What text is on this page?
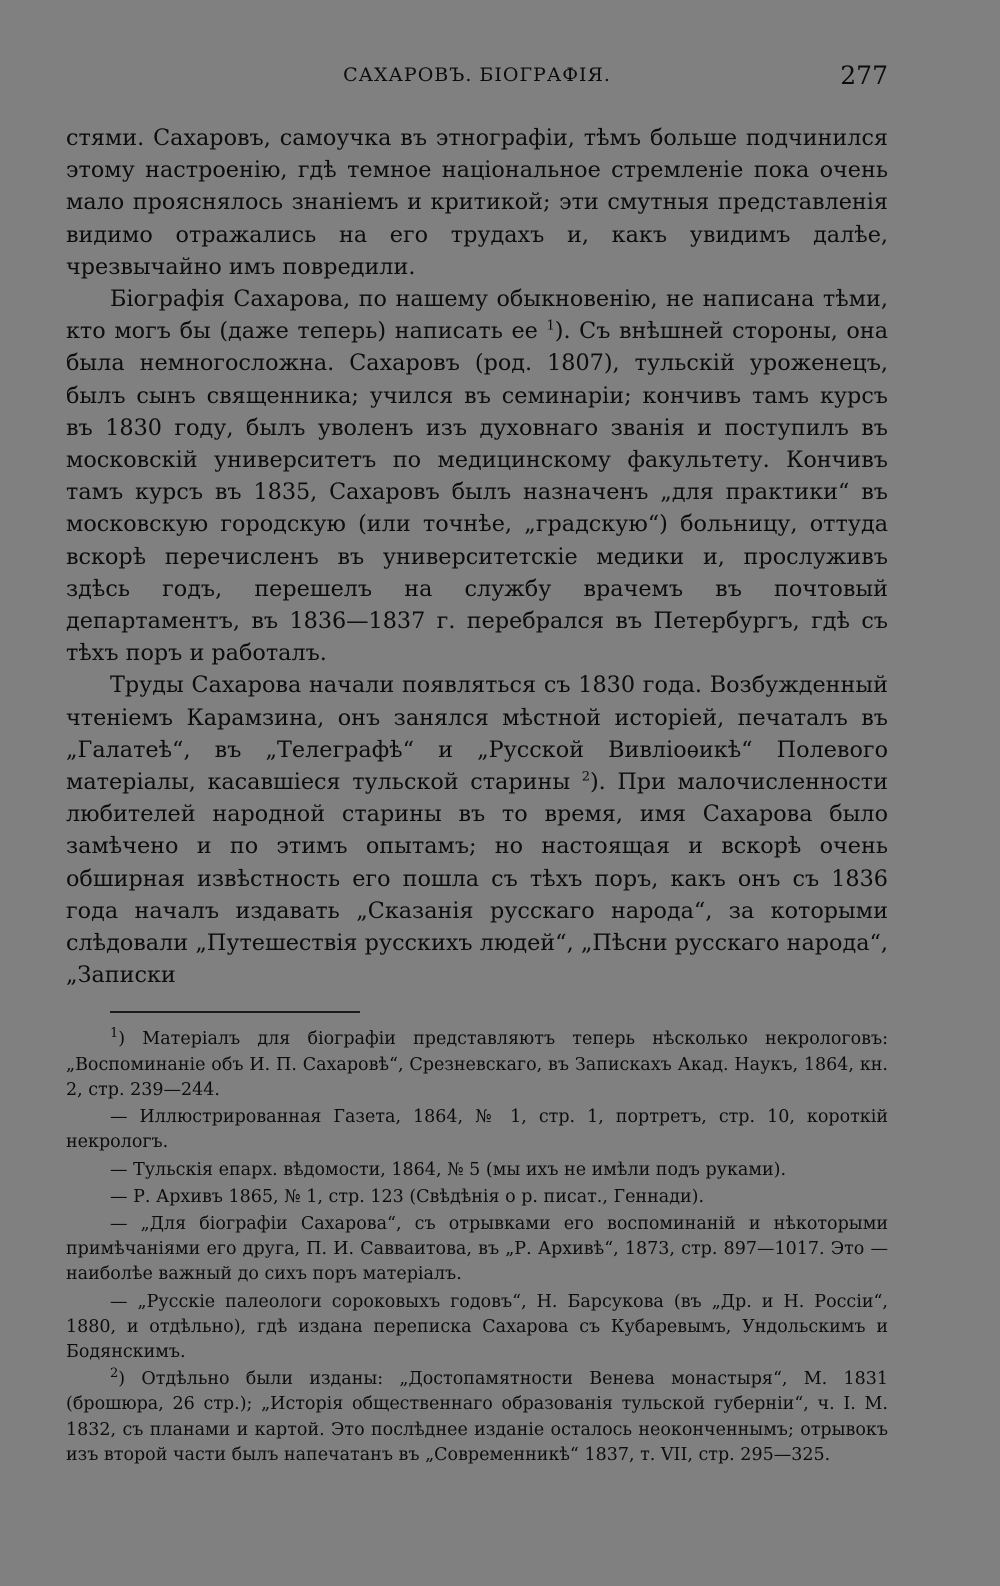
САХАРОВЪ. БІОГРАФІЯ.	277

стями. Сахаровъ, самоучка въ этнографіи, тѣмъ больше подчинился этому настроенію, гдѣ темное національное стремленіе пока очень мало прояснялось знаніемъ и критикой; эти смутныя представленія видимо отражались на его трудахъ и, какъ увидимъ далѣе, чрезвычайно имъ повредили.

Біографія Сахарова, по нашему обыкновенію, не написана тѣми, кто могъ бы (даже теперь) написать ее $^1$). Съ внѣшней стороны, она была немногосложна. Сахаровъ (род. 1807), тульскій уроженецъ, былъ сынъ священника; учился въ семинаріи; кончивъ тамъ курсъ въ 1830 году, былъ уволенъ изъ духовнаго званія и поступилъ въ московскій университетъ по медицинскому факультету. Кончивъ тамъ курсъ въ 1835, Сахаровъ былъ назначенъ „для практики“ въ московскую городскую (или точнѣе, „градскую“) больницу, оттуда вскорѣ перечисленъ въ университетскіе медики и, прослуживъ здѣсь годъ, перешелъ на службу врачемъ въ почтовый департаментъ, въ 1836—1837 г. перебрался въ Петербургъ, гдѣ съ тѣхъ поръ и работалъ.

Труды Сахарова начали появляться съ 1830 года. Возбужденный чтеніемъ Карамзина, онъ занялся мѣстной исторіей, печаталъ въ „Галатеѣ“, въ „Телеграфѣ“ и „Русской Вивліоѳикѣ“ Полевого матеріалы, касавшіеся тульской старины $^2$). При малочисленности любителей народной старины въ то время, имя Сахарова было замѣчено и по этимъ опытамъ; но настоящая и вскорѣ очень обширная извѣстность его пошла съ тѣхъ поръ, какъ онъ съ 1836 года началъ издавать „Сказанія русскаго народа“, за которыми слѣдовали „Путешествія русскихъ людей“, „Пѣсни русскаго народа“, „Записки

$^1$) Матеріалъ для біографіи представляютъ теперь нѣсколько некрологовъ: „Воспоминаніе объ И. П. Сахаровѣ“, Срезневскаго, въ Запискахъ Акад. Наукъ, 1864, кн. 2, стр. 239—244.

— Иллюстрированная Газета, 1864, № 1, стр. 1, портретъ, стр. 10, короткій некрологъ.

— Тульскія епарх. вѣдомости, 1864, № 5 (мы ихъ не имѣли подъ руками).

— Р. Архивъ 1865, № 1, стр. 123 (Свѣдѣнія о р. писат., Геннади).

— „Для біографіи Сахарова“, съ отрывками его воспоминаній и нѣкоторыми примѣчаніями его друга, П. И. Савваитова, въ „Р. Архивѣ“, 1873, стр. 897—1017. Это — наиболѣе важный до сихъ поръ матеріалъ.

— „Русскіе палеологи сороковыхъ годовъ“, Н. Барсукова (въ „Др. и Н. Россіи“, 1880, и отдѣльно), гдѣ издана переписка Сахарова съ Кубаревымъ, Ундольскимъ и Бодянскимъ.

$^2$) Отдѣльно были изданы: „Достопамятности Венева монастыря“, М. 1831 (брошюра, 26 стр.); „Исторія общественнаго образованія тульской губерніи“, ч. I. М. 1832, съ планами и картой. Это послѣднее изданіе осталось неоконченнымъ; отрывокъ изъ второй части былъ напечатанъ въ „Современникѣ“ 1837, т. VII, стр. 295—325.
